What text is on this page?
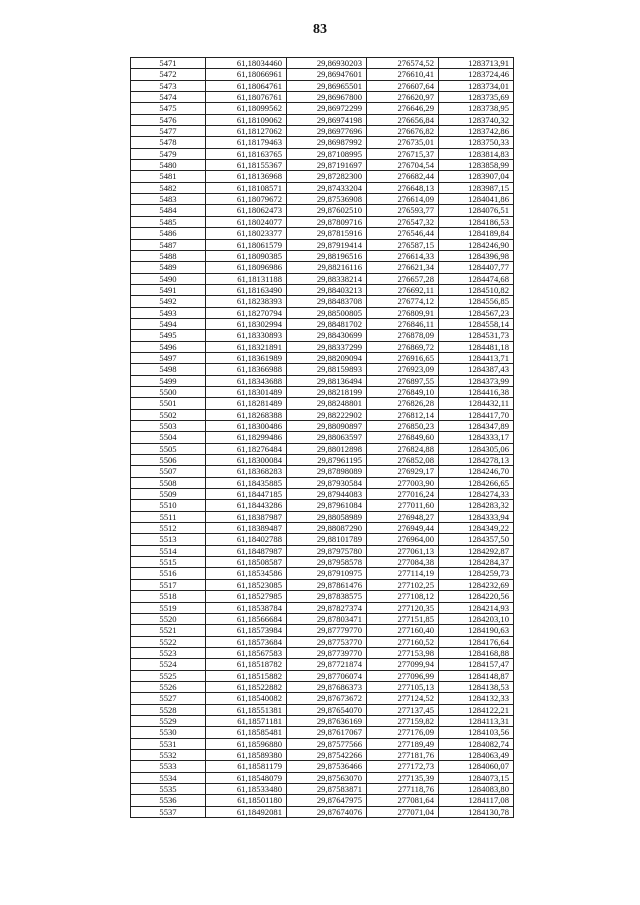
83
5471	61,18034460	29,86930203	276574,52	1283713,91
5472	61,18066961	29,86947601	276610,41	1283724,46
5473	61,18064761	29,86965501	276607,64	1283734,01
5474	61,18076761	29,86967800	276620,97	1283735,69
5475	61,18099562	29,86972299	276646,29	1283738,95
5476	61,18109062	29,86974198	276656,84	1283740,32
5477	61,18127062	29,86977696	276676,82	1283742,86
5478	61,18179463	29,86987992	276735,01	1283750,33
5479	61,18163765	29,87108995	276715,37	1283814,83
5480	61,18155367	29,87191697	276704,54	1283858,99
5481	61,18136968	29,87282300	276682,44	1283907,04
5482	61,18108571	29,87433204	276648,13	1283987,15
5483	61,18079672	29,87536908	276614,09	1284041,86
5484	61,18062473	29,87602510	276593,77	1284076,51
5485	61,18024077	29,87809716	276547,32	1284186,53
5486	61,18023377	29,87815916	276546,44	1284189,84
5487	61,18061579	29,87919414	276587,15	1284246,90
5488	61,18090385	29,88196516	276614,33	1284396,98
5489	61,18096986	29,88216116	276621,34	1284407,77
5490	61,18131188	29,88338214	276657,28	1284474,68
5491	61,18163490	29,88403213	276692,11	1284510,82
5492	61,18238393	29,88483708	276774,12	1284556,85
5493	61,18270794	29,88500805	276809,91	1284567,23
5494	61,18302994	29,88481702	276846,11	1284558,14
5495	61,18330893	29,88430699	276878,09	1284531,73
5496	61,18321891	29,88337299	276869,72	1284481,18
5497	61,18361989	29,88209094	276916,65	1284413,71
5498	61,18366988	29,88159893	276923,09	1284387,43
5499	61,18343688	29,88136494	276897,55	1284373,99
5500	61,18301489	29,88218199	276849,10	1284416,38
5501	61,18281489	29,88248801	276826,28	1284432,11
5502	61,18268388	29,88222902	276812,14	1284417,70
5503	61,18300486	29,88090897	276850,23	1284347,89
5504	61,18299486	29,88063597	276849,60	1284333,17
5505	61,18276484	29,88012898	276824,88	1284305,06
5506	61,18300084	29,87961195	276852,08	1284278,13
5507	61,18368283	29,87898089	276929,17	1284246,70
5508	61,18435885	29,87930584	277003,90	1284266,65
5509	61,18447185	29,87944083	277016,24	1284274,33
5510	61,18443286	29,87961084	277011,60	1284283,32
5511	61,18387987	29,88058989	276948,27	1284333,94
5512	61,18389487	29,88087290	276949,44	1284349,22
5513	61,18402788	29,88101789	276964,00	1284357,50
5514	61,18487987	29,87975780	277061,13	1284292,87
5515	61,18508587	29,87958578	277084,38	1284284,37
5516	61,18534586	29,87910975	277114,19	1284259,73
5517	61,18523085	29,87861476	277102,25	1284232,69
5518	61,18527985	29,87838575	277108,12	1284220,56
5519	61,18538784	29,87827374	277120,35	1284214,93
5520	61,18566684	29,87803471	277151,85	1284203,10
5521	61,18573984	29,87779770	277160,40	1284190,63
5522	61,18573684	29,87753770	277160,52	1284176,64
5523	61,18567583	29,87739770	277153,98	1284168,88
5524	61,18518782	29,87721874	277099,94	1284157,47
5525	61,18515882	29,87706074	277096,99	1284148,87
5526	61,18522882	29,87686373	277105,13	1284138,53
5527	61,18540082	29,87673672	277124,52	1284132,33
5528	61,18551381	29,87654070	277137,45	1284122,21
5529	61,18571181	29,87636169	277159,82	1284113,31
5530	61,18585481	29,87617067	277176,09	1284103,56
5531	61,18596880	29,87577566	277189,49	1284082,74
5532	61,18589380	29,87542266	277181,76	1284063,49
5533	61,18581179	29,87536466	277172,73	1284060,07
5534	61,18548079	29,87563070	277135,39	1284073,15
5535	61,18533480	29,87583871	277118,76	1284083,80
5536	61,18501180	29,87647975	277081,64	1284117,08
5537	61,18492081	29,87674076	277071,04	1284130,78
